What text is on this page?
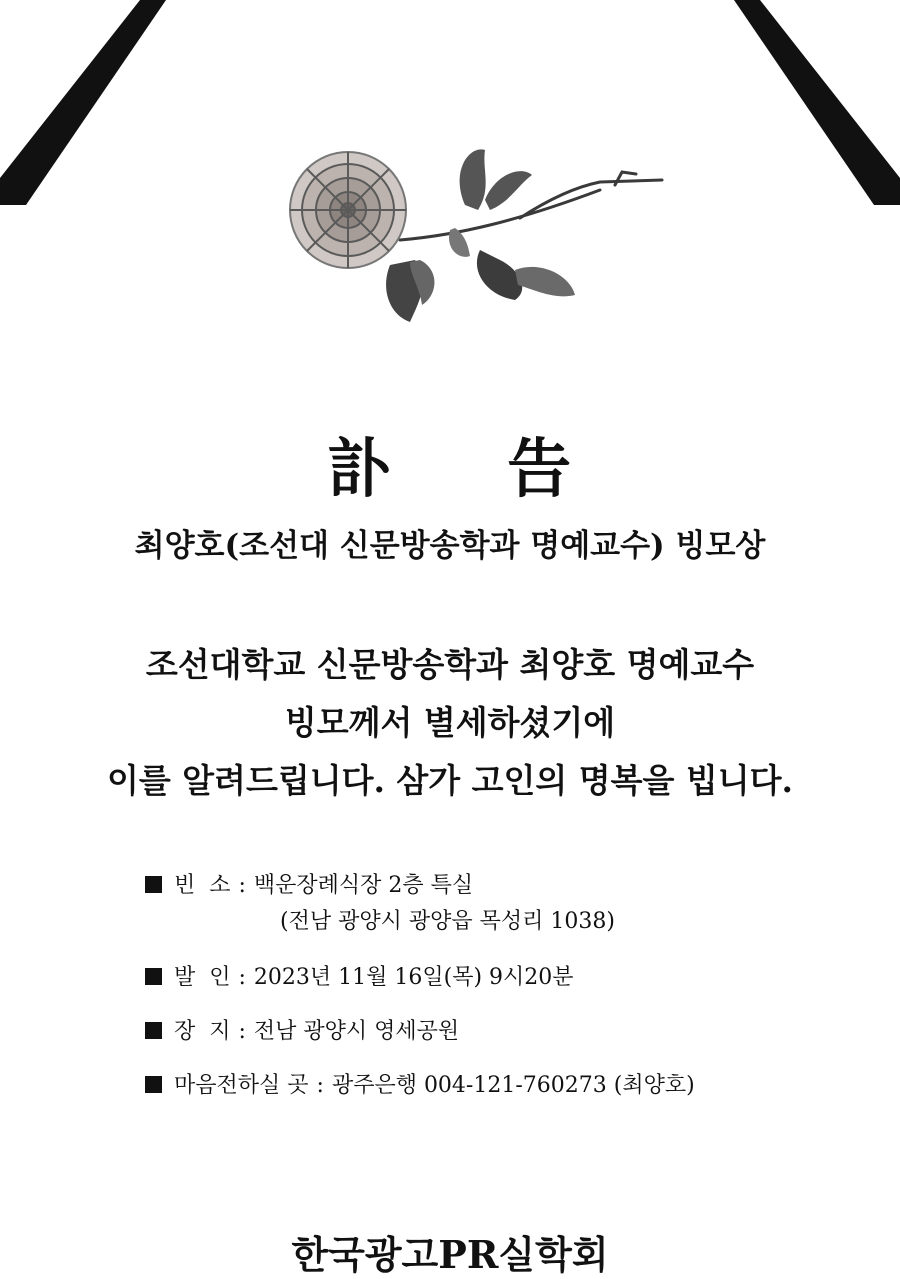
訃 告
최양호(조선대 신문방송학과 명예교수) 빙모상
조선대학교 신문방송학과 최양호 명예교수
빙모께서 별세하셨기에
이를 알려드립니다. 삼가 고인의 명복을 빕니다.
빈  소 : 백운장례식장 2층 특실
(전남 광양시 광양읍 목성리 1038)
발  인 : 2023년 11월 16일(목) 9시20분
장  지 : 전남 광양시 영세공원
마음전하실 곳 : 광주은행 004-121-760273 (최양호)
한국광고PR실학회
